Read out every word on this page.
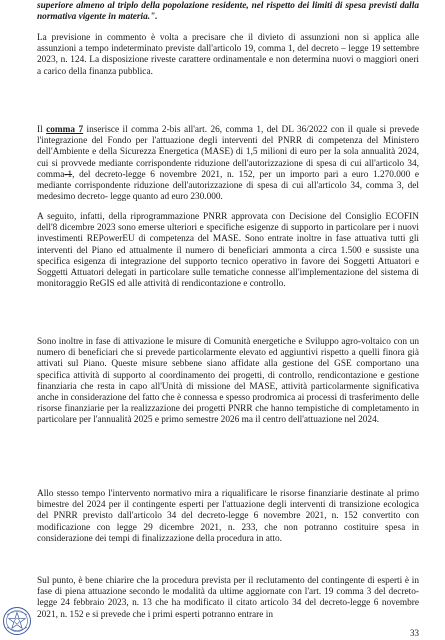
superiore almeno al triplo della popolazione residente, nel rispetto dei limiti di spesa previsti dalla normativa vigente in materia.".

La previsione in commento è volta a precisare che il divieto di assunzioni non si applica alle assunzioni a tempo indeterminato previste dall'articolo 19, comma 1, del decreto – legge 19 settembre 2023, n. 124. La disposizione riveste carattere ordinamentale e non determina nuovi o maggiori oneri a carico della finanza pubblica.

Il comma 7 inserisce il comma 2-bis all'art. 26, comma 1, del DL 36/2022 con il quale si prevede l'integrazione del Fondo per l'attuazione degli interventi del PNRR di competenza del Ministero dell'Ambiente e della Sicurezza Energetica (MASE) di 1,5 milioni di euro per la sola annualità 2024, cui si provvede mediante corrispondente riduzione dell'autorizzazione di spesa di cui all'articolo 34, comma-1, del decreto-legge 6 novembre 2021, n. 152, per un importo pari a euro 1.270.000 e mediante corrispondente riduzione dell'autorizzazione di spesa di cui all'articolo 34, comma 3, del medesimo decreto- legge quanto ad euro 230.000.

A seguito, infatti, della riprogrammazione PNRR approvata con Decisione del Consiglio ECOFIN dell'8 dicembre 2023 sono emerse ulteriori e specifiche esigenze di supporto in particolare per i nuovi investimenti REPowerEU di competenza del MASE. Sono entrate inoltre in fase attuativa tutti gli interventi del Piano ed attualmente il numero di beneficiari ammonta a circa 1.500 e sussiste una specifica esigenza di integrazione del supporto tecnico operativo in favore dei Soggetti Attuatori e Soggetti Attuatori delegati in particolare sulle tematiche connesse all'implementazione del sistema di monitoraggio ReGIS ed alle attività di rendicontazione e controllo.

Sono inoltre in fase di attivazione le misure di Comunità energetiche e Sviluppo agro-voltaico con un numero di beneficiari che si prevede particolarmente elevato ed aggiuntivi rispetto a quelli finora già attivati sul Piano. Queste misure sebbene siano affidate alla gestione del GSE comportano una specifica attività di supporto al coordinamento dei progetti, di controllo, rendicontazione e gestione finanziaria che resta in capo all'Unità di missione del MASE, attività particolarmente significativa anche in considerazione del fatto che è connessa e spesso prodromica ai processi di trasferimento delle risorse finanziarie per la realizzazione dei progetti PNRR che hanno tempistiche di completamento in particolare per l'annualità 2025 e primo semestre 2026 ma il centro dell'attuazione nel 2024.

Allo stesso tempo l'intervento normativo mira a riqualificare le risorse finanziarie destinate al primo bimestre del 2024 per il contingente esperti per l'attuazione degli interventi di transizione ecologica del PNRR previsto dall'articolo 34 del decreto-legge 6 novembre 2021, n. 152 convertito con modificazione con legge 29 dicembre 2021, n. 233, che non potranno costituire spesa in considerazione dei tempi di finalizzazione della procedura in atto.

Sul punto, è bene chiarire che la procedura prevista per il reclutamento del contingente di esperti è in fase di piena attuazione secondo le modalità da ultime aggiornate con l'art. 19 comma 3 del decreto-legge 24 febbraio 2023, n. 13 che ha modificato il citato articolo 34 del decreto-legge 6 novembre 2021, n. 152 e si prevede che i primi esperti potranno entrare in

33
